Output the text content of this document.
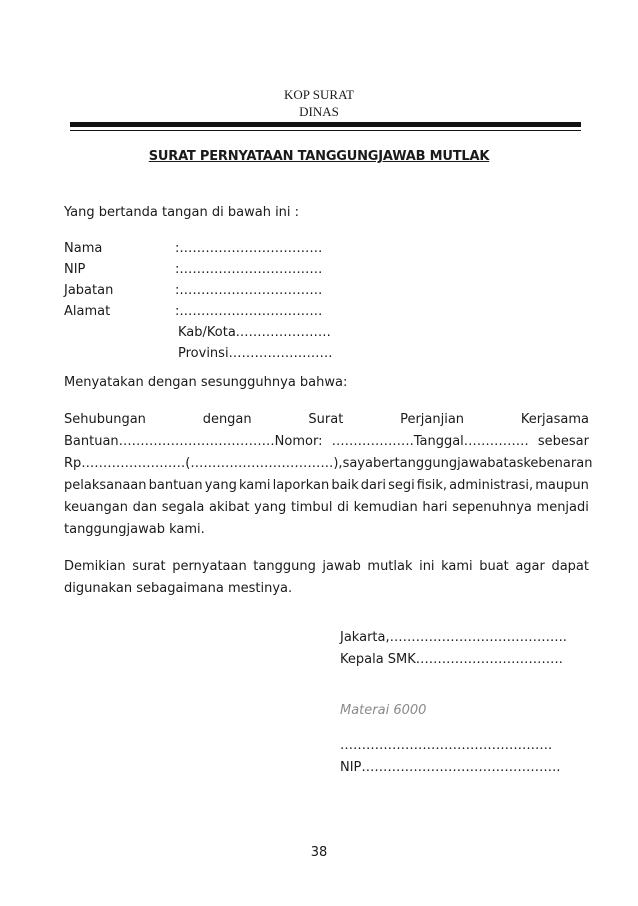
KOP SURAT
DINAS
SURAT PERNYATAAN TANGGUNGJAWAB MUTLAK
Yang bertanda tangan di bawah ini :
Nama	:……………………………
NIP	:……………………………
Jabatan	:……………………………
Alamat	:……………………………
Kab/Kota.…………………
Provinsi……………………
Menyatakan dengan sesungguhnya bahwa:
Sehubungan	dengan	Surat	Perjanjian	Kerjasama
Bantuan………………………………Nomor: ……………….Tanggal…………… sebesar
Rp……………………(……………………………), saya bertanggung jawab atas kebenaran
pelaksanaan bantuan yang kami laporkan baik dari segi fisik, administrasi, maupun
keuangan dan segala akibat yang timbul di kemudian hari sepenuhnya menjadi
tanggungjawab kami.
Demikian surat pernyataan tanggung jawab mutlak ini kami buat agar dapat
digunakan sebagaimana mestinya.
Jakarta,…………………………………..
Kepala SMK…………………………….
Materai 6000
………………………………………….
NIP……………………………………….
38
